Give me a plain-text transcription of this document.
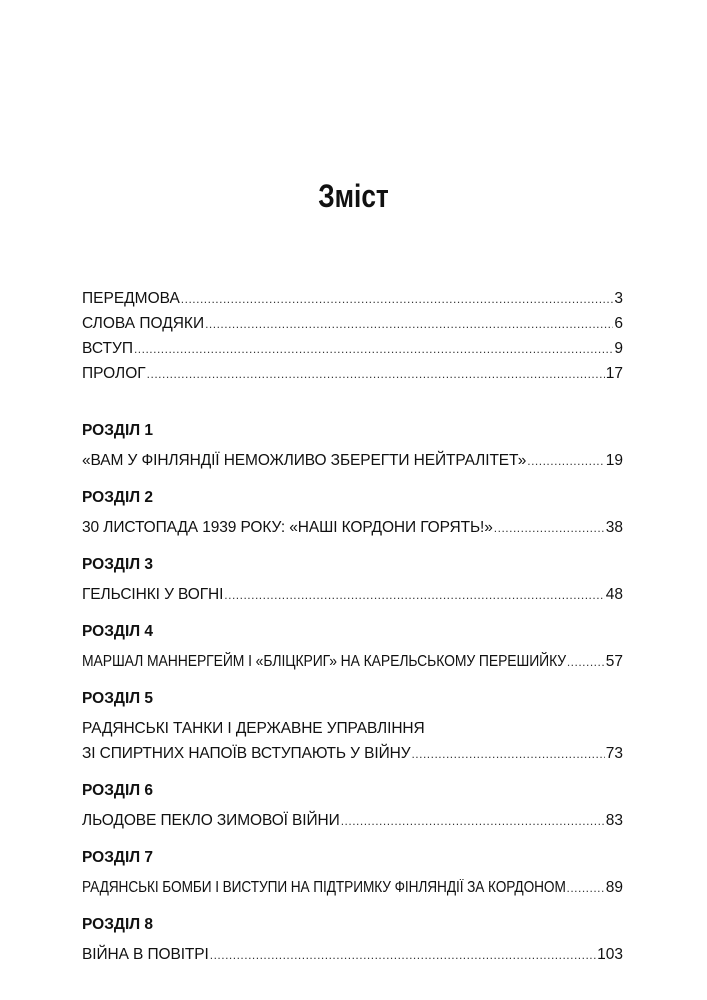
Зміст
ПЕРЕДМОВА .....	3
СЛОВА ПОДЯКИ .....	6
ВСТУП .....	9
ПРОЛОГ .....	17
РОЗДІЛ 1
«ВАМ У ФІНЛЯНДІЇ НЕМОЖЛИВО ЗБЕРЕГТИ НЕЙТРАЛІТЕТ» .....	19
РОЗДІЛ 2
30 ЛИСТОПАДА 1939 РОКУ: «НАШІ КОРДОНИ ГОРЯТЬ!» .....	38
РОЗДІЛ 3
ГЕЛЬСІНКІ У ВОГНІ .....	48
РОЗДІЛ 4
МАРШАЛ МАННЕРГЕЙМ І «БЛІЦКРИГ» НА КАРЕЛЬСЬКОМУ ПЕРЕШИЙКУ .....	57
РОЗДІЛ 5
РАДЯНСЬКІ ТАНКИ І ДЕРЖАВНЕ УПРАВЛІННЯ
ЗІ СПИРТНИХ НАПОЇВ ВСТУПАЮТЬ У ВІЙНУ .....	73
РОЗДІЛ 6
ЛЬОДОВЕ ПЕКЛО ЗИМОВОЇ ВІЙНИ .....	83
РОЗДІЛ 7
РАДЯНСЬКІ БОМБИ І ВИСТУПИ НА ПІДТРИМКУ ФІНЛЯНДІЇ ЗА КОРДОНОМ .....	89
РОЗДІЛ 8
ВІЙНА В ПОВІТРІ .....	103
